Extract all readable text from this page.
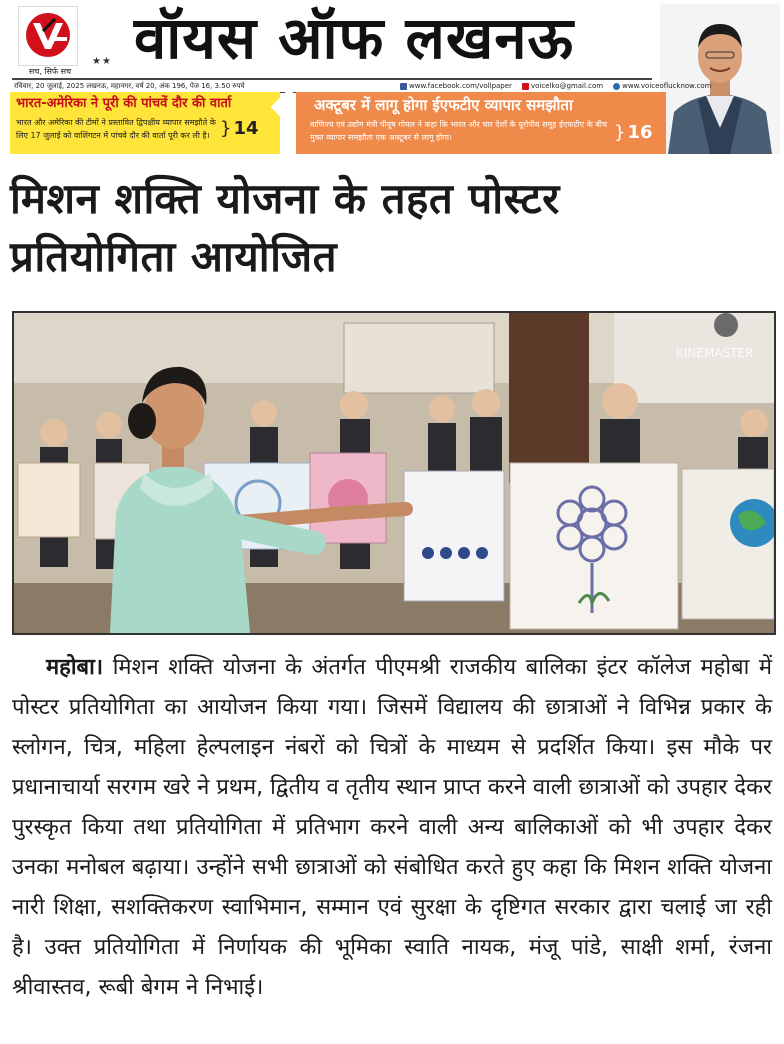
सच, सिर्फ सच
★★ वॉयस ऑफ लखनऊ
रविवार, 20 जुलाई, 2025 लखनऊ, महानगर, वर्ष 20, अंक 196, पेज 16, 3.50 रुपये	www.facebook.com/vollpaper	voicelko@gmail.com	www.voiceoflucknow.com
भारत-अमेरिका ने पूरी की पांचवें दौर की वार्ता
भारत और अमेरिका की टीमों ने प्रस्तावित द्विपक्षीय व्यापार समझौते के लिए 17 जुलाई को वाशिंगटन में पांचवे दौर की वार्ता पूरी कर ली है। } 14
अक्टूबर में लागू होगा ईएफटीए व्यापार समझौता
वाणिज्य एवं उद्योग मंत्री पीयूष गोयल ने कहा कि भारत और चार देशों के यूरोपीय समूह ईएफटीए के बीच मुक्त व्यापार समझौता एक अक्टूबर से लागू होगा।	} 16
मिशन शक्ति योजना के तहत पोस्टर
प्रतियोगिता आयोजित
KINEMASTER
महोबा। मिशन शक्ति योजना के अंतर्गत पीएमश्री राजकीय बालिका इंटर कॉलेज महोबा में पोस्टर प्रतियोगिता का आयोजन किया गया। जिसमें विद्यालय की छात्राओं ने विभिन्न प्रकार के स्लोगन, चित्र, महिला हेल्पलाइन नंबरों को चित्रों के माध्यम से प्रदर्शित किया। इस मौके पर प्रधानाचार्या सरगम खरे ने प्रथम, द्वितीय व तृतीय स्थान प्राप्त करने वाली छात्राओं को उपहार देकर पुरस्कृत किया तथा प्रतियोगिता में प्रतिभाग करने वाली अन्य बालिकाओं को भी उपहार देकर उनका मनोबल बढ़ाया। उन्होंने सभी छात्राओं को संबोधित करते हुए कहा कि मिशन शक्ति योजना नारी शिक्षा, सशक्तिकरण स्वाभिमान, सम्मान एवं सुरक्षा के दृष्टिगत सरकार द्वारा चलाई जा रही है। उक्त प्रतियोगिता में निर्णायक की भूमिका स्वाति नायक, मंजू पांडे, साक्षी शर्मा, रंजना श्रीवास्तव, रूबी बेगम ने निभाई।
